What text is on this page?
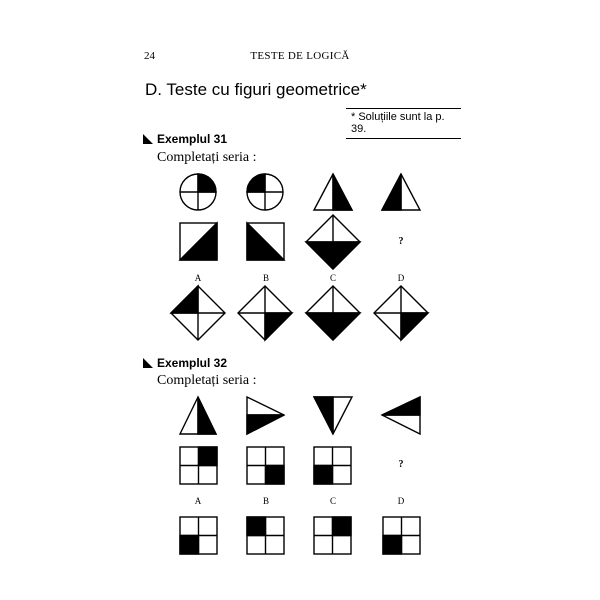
24	TESTE DE LOGICĂ
D. Teste cu figuri geometrice*
* Soluțiile sunt la p. 39.
Exemplul 31
Completați seria :
Exemplul 32
Completați seria :
?
A	B	C	D
?
A	B	C	D
